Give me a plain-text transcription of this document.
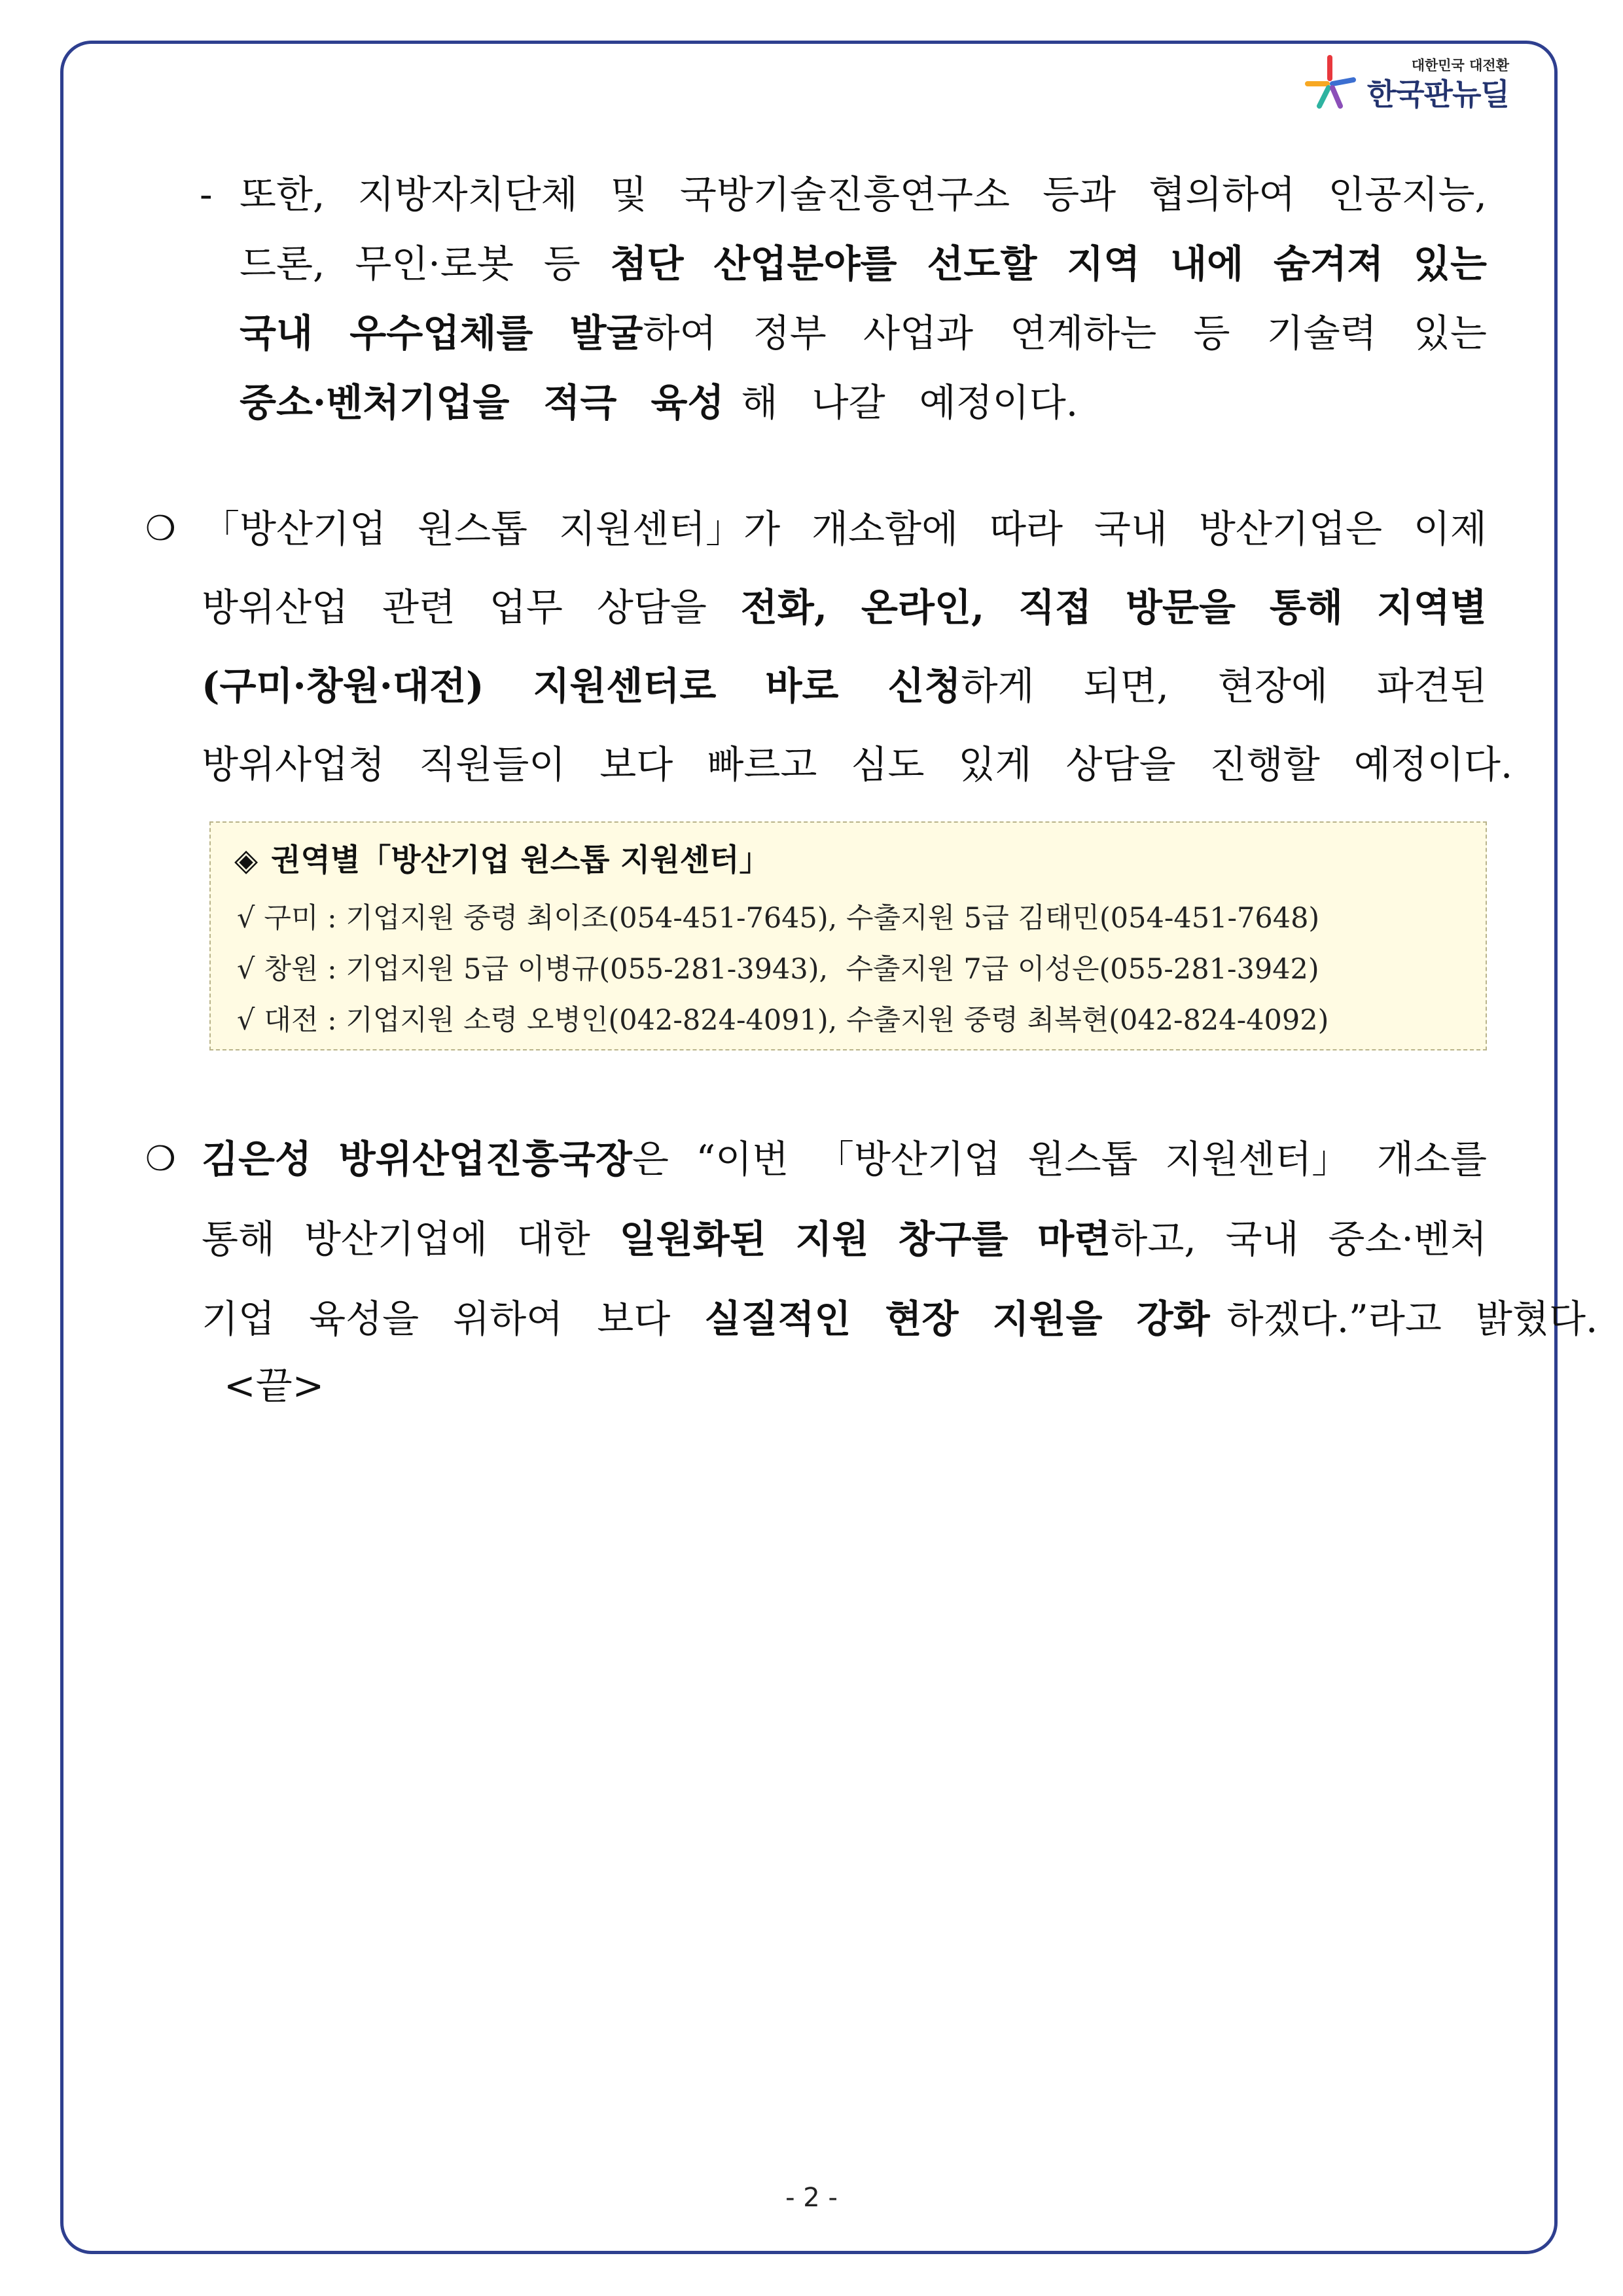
대한민국 대전환
한국판뉴딜
- 또한, 지방자치단체 및 국방기술진흥연구소 등과 협의하여 인공지능,
드론, 무인·로봇 등 첨단 산업분야를 선도할 지역 내에 숨겨져 있는
국내 우수업체를 발굴하여 정부 사업과 연계하는 등 기술력 있는
중소·벤처기업을 적극 육성 해 나갈 예정이다.
❍ 「방산기업 원스톱 지원센터」가 개소함에 따라 국내 방산기업은 이제
방위산업 관련 업무 상담을 전화, 온라인, 직접 방문을 통해 지역별
(구미·창원·대전) 지원센터로 바로 신청하게 되면, 현장에 파견된
방위사업청 직원들이 보다 빠르고 심도 있게 상담을 진행할 예정이다.
◈ 권역별「방산기업 원스톱 지원센터」
√ 구미 : 기업지원 중령 최이조(054-451-7645), 수출지원 5급 김태민(054-451-7648)
√ 창원 : 기업지원 5급 이병규(055-281-3943),  수출지원 7급 이성은(055-281-3942)
√ 대전 : 기업지원 소령 오병인(042-824-4091), 수출지원 중령 최복현(042-824-4092)
❍ 김은성 방위산업진흥국장은 “이번 「방산기업 원스톱 지원센터」 개소를
통해 방산기업에 대한 일원화된 지원 창구를 마련하고, 국내 중소·벤처
기업 육성을 위하여 보다 실질적인 현장 지원을 강화 하겠다.”라고 밝혔다.
<끝>
- 2 -
